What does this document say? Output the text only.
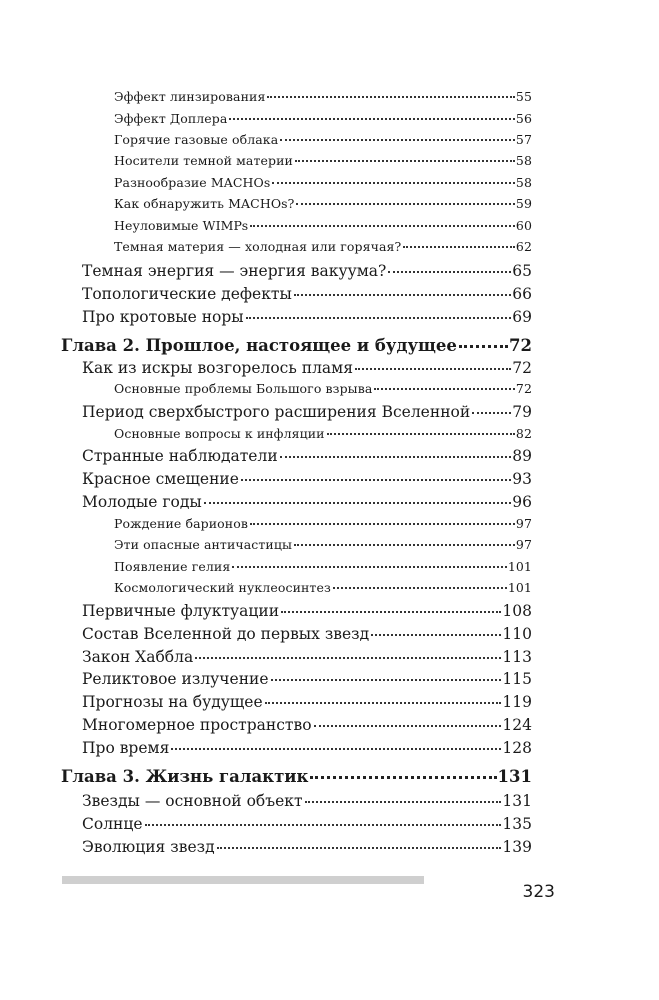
Эффект линзирования	55
Эффект Доплера	56
Горячие газовые облака	57
Носители темной материи	58
Разнообразие MACHOs	58
Как обнаружить MACHOs?	59
Неуловимые WIMPs	60
Темная материя — холодная или горячая?	62
Темная энергия — энергия вакуума?	65
Топологические дефекты	66
Про кротовые норы	69
Глава 2. Прошлое, настоящее и будущее	72
Как из искры возгорелось пламя	72
Основные проблемы Большого взрыва	72
Период сверхбыстрого расширения Вселенной	79
Основные вопросы к инфляции	82
Странные наблюдатели	89
Красное смещение	93
Молодые годы	96
Рождение барионов	97
Эти опасные античастицы	97
Появление гелия	101
Космологический нуклеосинтез	101
Первичные флуктуации	108
Состав Вселенной до первых звезд	110
Закон Хаббла	113
Реликтовое излучение	115
Прогнозы на будущее	119
Многомерное пространство	124
Про время	128
Глава 3. Жизнь галактик	131
Звезды — основной объект	131
Солнце	135
Эволюция звезд	139
323
